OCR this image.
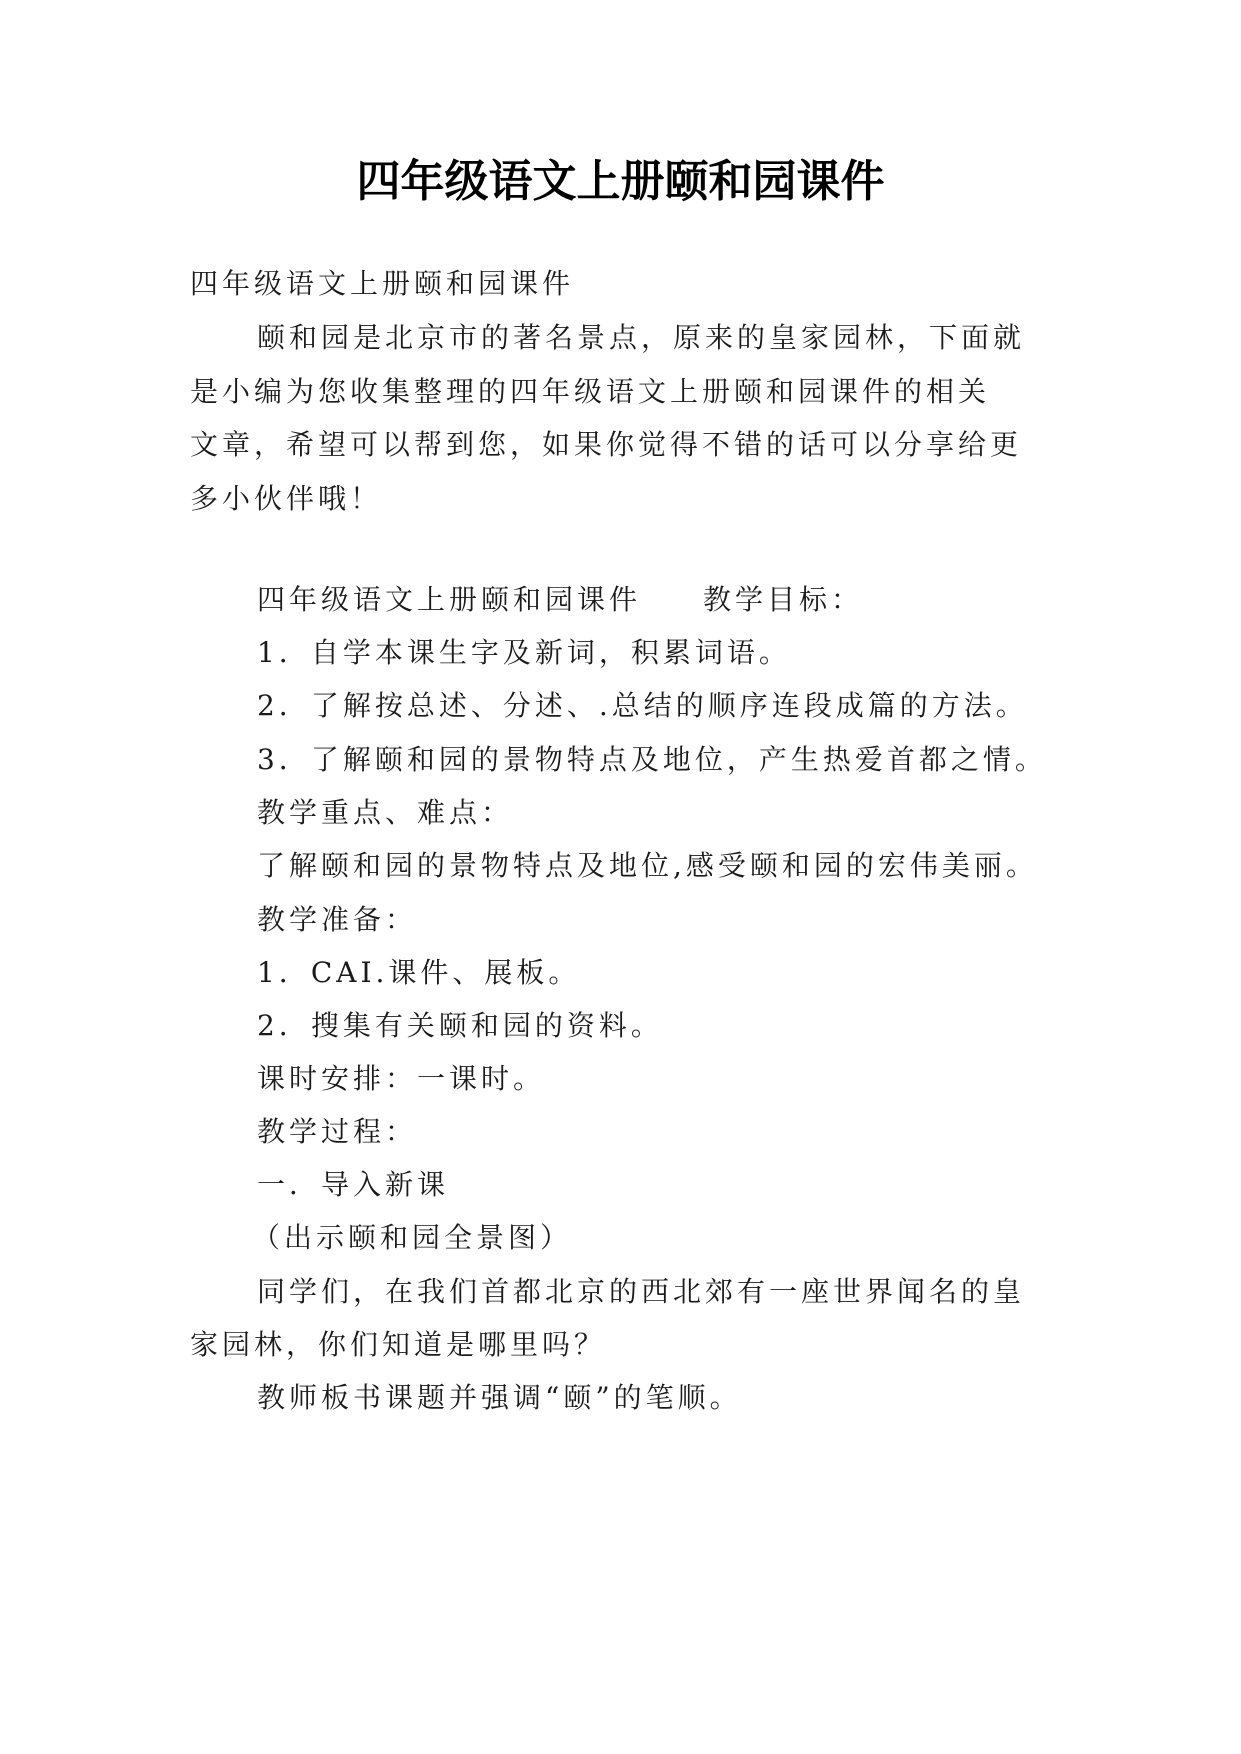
四年级语文上册颐和园课件
四年级语文上册颐和园课件
颐和园是北京市的著名景点，原来的皇家园林，下面就
是小编为您收集整理的四年级语文上册颐和园课件的相关
文章，希望可以帮到您，如果你觉得不错的话可以分享给更
多小伙伴哦！
四年级语文上册颐和园课件 教学目标：
1．自学本课生字及新词，积累词语。
2．了解按总述、分述、.总结的顺序连段成篇的方法。
3．了解颐和园的景物特点及地位，产生热爱首都之情。
教学重点、难点：
了解颐和园的景物特点及地位,感受颐和园的宏伟美丽。
教学准备：
1．CAI.课件、展板。
2．搜集有关颐和园的资料。
课时安排：一课时。
教学过程：
一．导入新课
（出示颐和园全景图）
同学们，在我们首都北京的西北郊有一座世界闻名的皇
家园林，你们知道是哪里吗？
教师板书课题并强调“颐”的笔顺。
